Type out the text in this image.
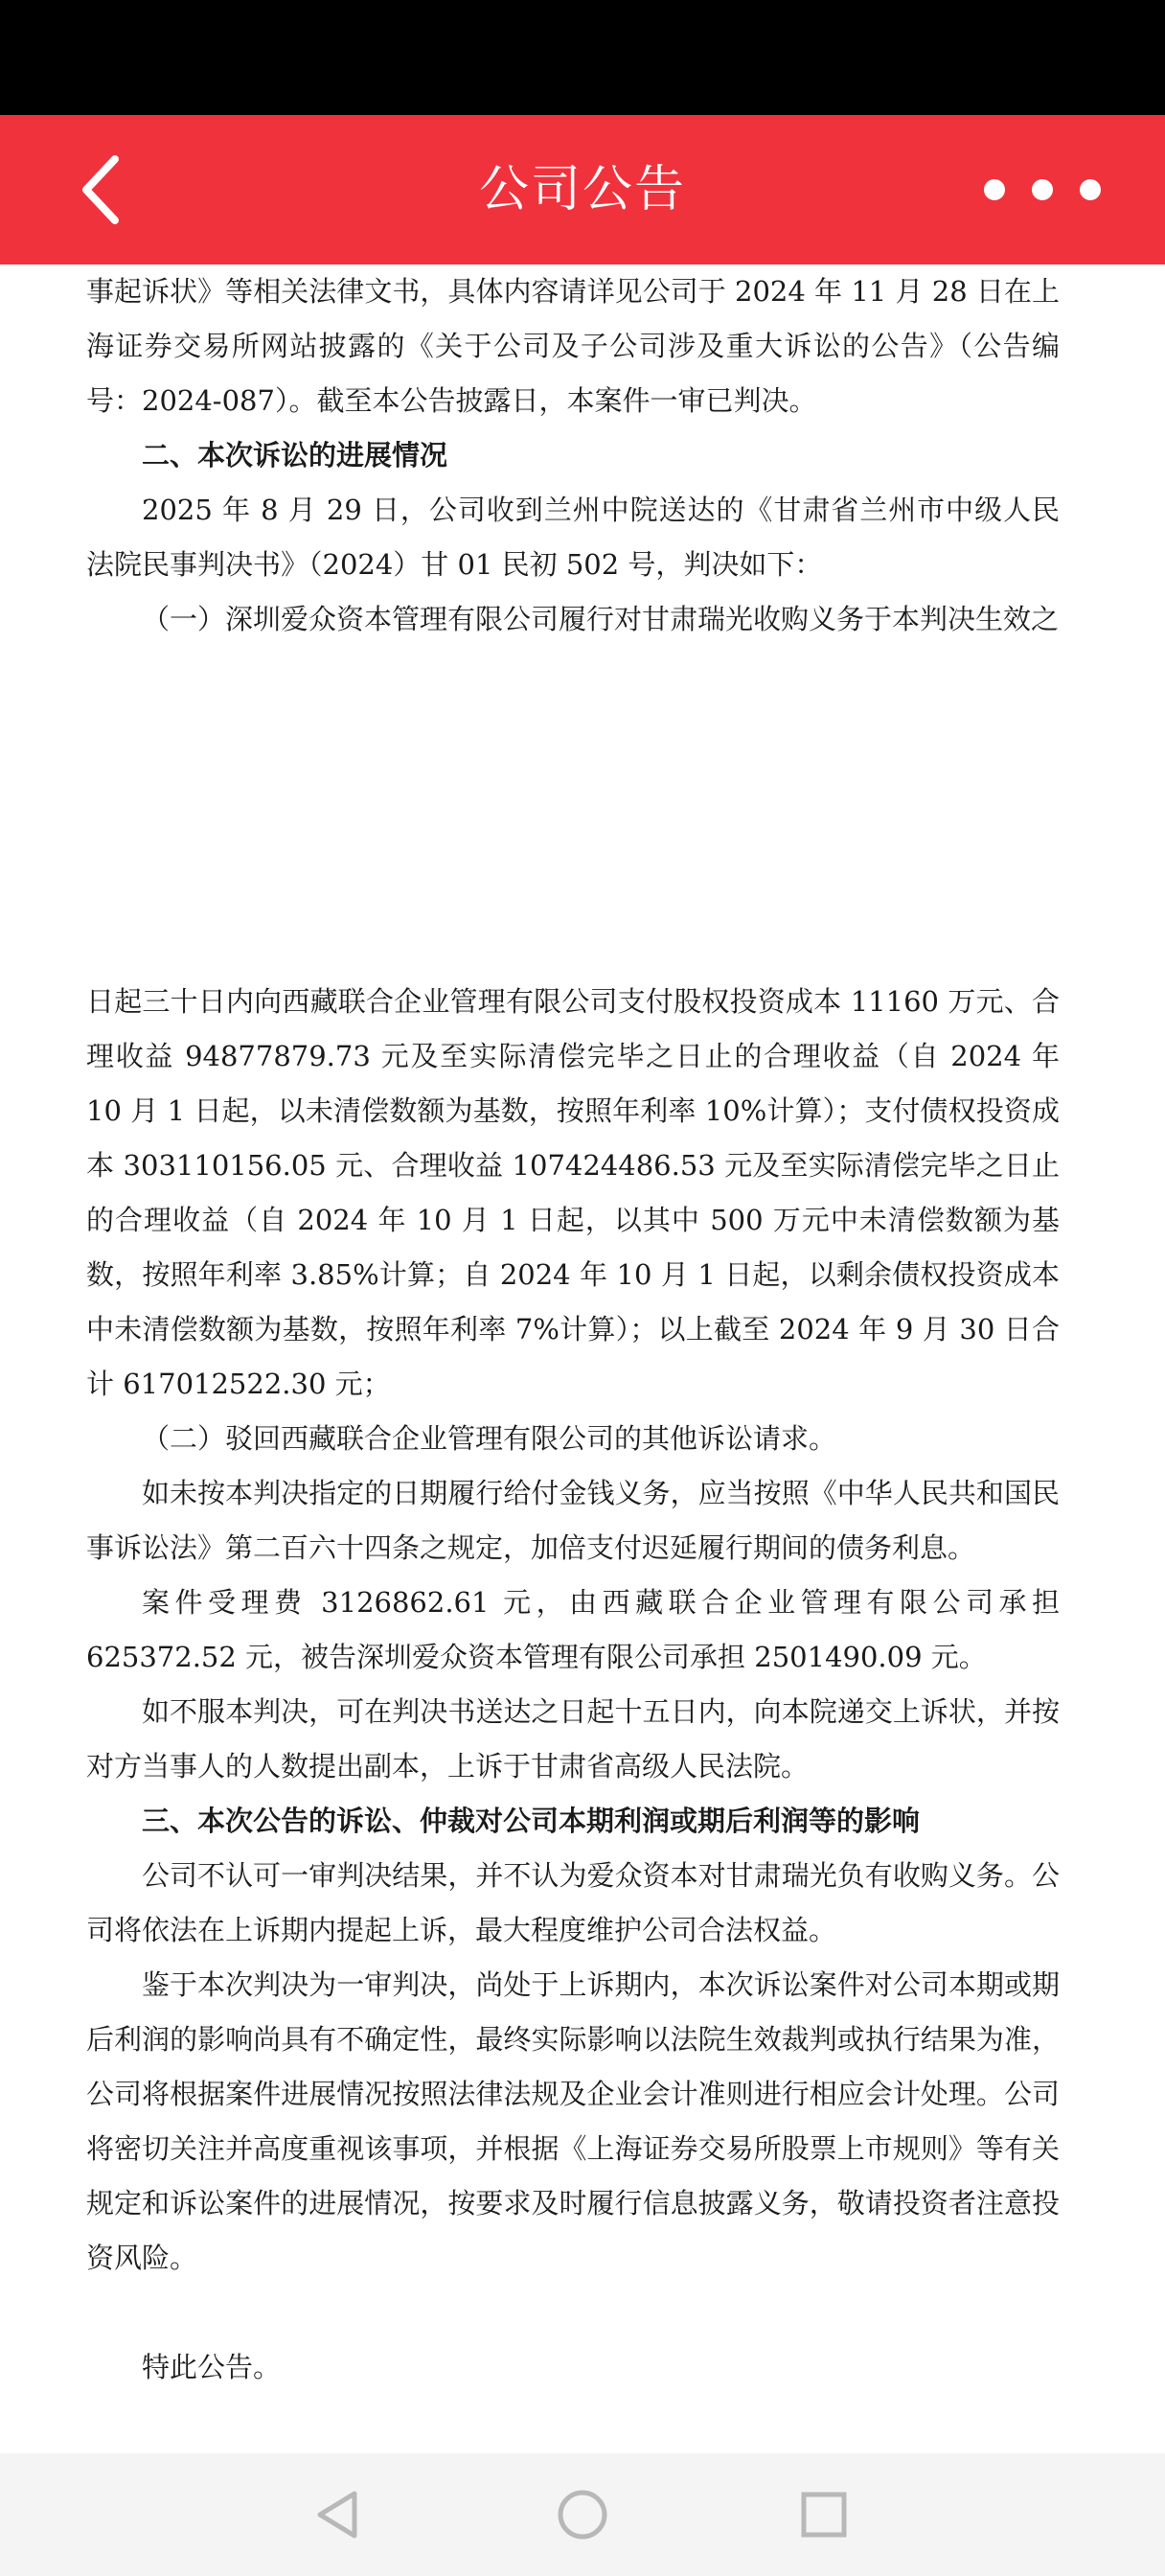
公司公告

事起诉状》等相关法律文书，具体内容请详见公司于 2024 年 11 月 28 日在上海证券交易所网站披露的《关于公司及子公司涉及重大诉讼的公告》（公告编号：2024-087）。截至本公告披露日，本案件一审已判决。

二、本次诉讼的进展情况

2025 年 8 月 29 日，公司收到兰州中院送达的《甘肃省兰州市中级人民法院民事判决书》（2024）甘 01 民初 502 号，判决如下：

（一）深圳爱众资本管理有限公司履行对甘肃瑞光收购义务于本判决生效之

日起三十日内向西藏联合企业管理有限公司支付股权投资成本 11160 万元、合理收益 94877879.73 元及至实际清偿完毕之日止的合理收益（自 2024 年 10 月 1 日起，以未清偿数额为基数，按照年利率 10%计算）；支付债权投资成本 303110156.05 元、合理收益 107424486.53 元及至实际清偿完毕之日止的合理收益（自 2024 年 10 月 1 日起，以其中 500 万元中未清偿数额为基数，按照年利率 3.85%计算；自 2024 年 10 月 1 日起，以剩余债权投资成本中未清偿数额为基数，按照年利率 7%计算）；以上截至 2024 年 9 月 30 日合计 617012522.30 元；

（二）驳回西藏联合企业管理有限公司的其他诉讼请求。

如未按本判决指定的日期履行给付金钱义务，应当按照《中华人民共和国民事诉讼法》第二百六十四条之规定，加倍支付迟延履行期间的债务利息。

案件受理费 3126862.61 元，由西藏联合企业管理有限公司承担 625372.52 元，被告深圳爱众资本管理有限公司承担 2501490.09 元。

如不服本判决，可在判决书送达之日起十五日内，向本院递交上诉状，并按对方当事人的人数提出副本，上诉于甘肃省高级人民法院。

三、本次公告的诉讼、仲裁对公司本期利润或期后利润等的影响

公司不认可一审判决结果，并不认为爱众资本对甘肃瑞光负有收购义务。公司将依法在上诉期内提起上诉，最大程度维护公司合法权益。

鉴于本次判决为一审判决，尚处于上诉期内，本次诉讼案件对公司本期或期后利润的影响尚具有不确定性，最终实际影响以法院生效裁判或执行结果为准，公司将根据案件进展情况按照法律法规及企业会计准则进行相应会计处理。公司将密切关注并高度重视该事项，并根据《上海证券交易所股票上市规则》等有关规定和诉讼案件的进展情况，按要求及时履行信息披露义务，敬请投资者注意投资风险。

特此公告。
